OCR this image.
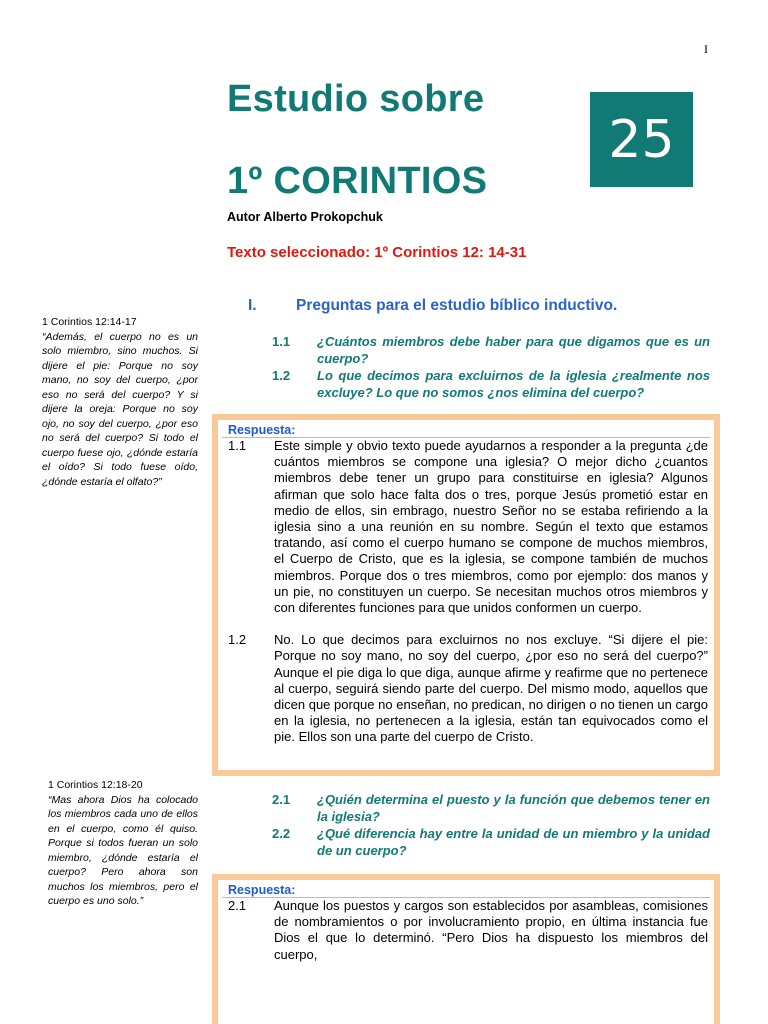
I
Estudio sobre
1º CORINTIOS
25
Autor Alberto Prokopchuk
Texto seleccionado: 1º Corintios 12: 14-31
1 Corintios 12:14-17
“Además, el cuerpo no es un solo miembro, sino muchos. Si dijere el pie: Porque no soy mano, no soy del cuerpo, ¿por eso no será del cuerpo? Y si dijere la oreja: Porque no soy ojo, no soy del cuerpo, ¿por eso no será del cuerpo? Si todo el cuerpo fuese ojo, ¿dónde estaría el oído? Si todo fuese oído, ¿dónde estaría el olfato?”
1 Corintios 12:18-20
“Mas ahora Dios ha colocado los miembros cada uno de ellos en el cuerpo, como él quiso. Porque si todos fueran un solo miembro, ¿dónde estaría el cuerpo? Pero ahora son muchos los miembros, pero el cuerpo es uno solo.”
I.	Preguntas para el estudio bíblico inductivo.
1.1	¿Cuántos miembros debe haber para que digamos que es un cuerpo?
1.2	Lo que decimos para excluirnos de la iglesia ¿realmente nos excluye? Lo que no somos ¿nos elimina del cuerpo?
Respuesta:
1.1	Este simple y obvio texto puede ayudarnos a responder a la pregunta ¿de cuántos miembros se compone una iglesia? O mejor dicho ¿cuantos miembros debe tener un grupo para constituirse en iglesia? Algunos afirman que solo hace falta dos o tres, porque Jesús prometió estar en medio de ellos, sin embrago, nuestro Señor no se estaba refiriendo a la iglesia sino a una reunión en su nombre. Según el texto que estamos tratando, así como el cuerpo humano se compone de muchos miembros, el Cuerpo de Cristo, que es la iglesia, se compone también de muchos miembros. Porque dos o tres miembros, como por ejemplo: dos manos y un pie, no constituyen un cuerpo. Se necesitan muchos otros miembros y con diferentes funciones para que unidos conformen un cuerpo.
1.2	No. Lo que decimos para excluirnos no nos excluye. “Si dijere el pie: Porque no soy mano, no soy del cuerpo, ¿por eso no será del cuerpo?” Aunque el pie diga lo que diga, aunque afirme y reafirme que no pertenece al cuerpo, seguirá siendo parte del cuerpo. Del mismo modo, aquellos que dicen que porque no enseñan, no predican, no dirigen o no tienen un cargo en la iglesia, no pertenecen a la iglesia, están tan equivocados como el pie. Ellos son una parte del cuerpo de Cristo.
2.1	¿Quién determina el puesto y la función que debemos tener en la iglesia?
2.2	¿Qué diferencia hay entre la unidad de un miembro y la unidad de un cuerpo?
Respuesta:
2.1	Aunque los puestos y cargos son establecidos por asambleas, comisiones de nombramientos o por involucramiento propio, en última instancia fue Dios el que lo determinó. “Pero Dios ha dispuesto los miembros del cuerpo,
